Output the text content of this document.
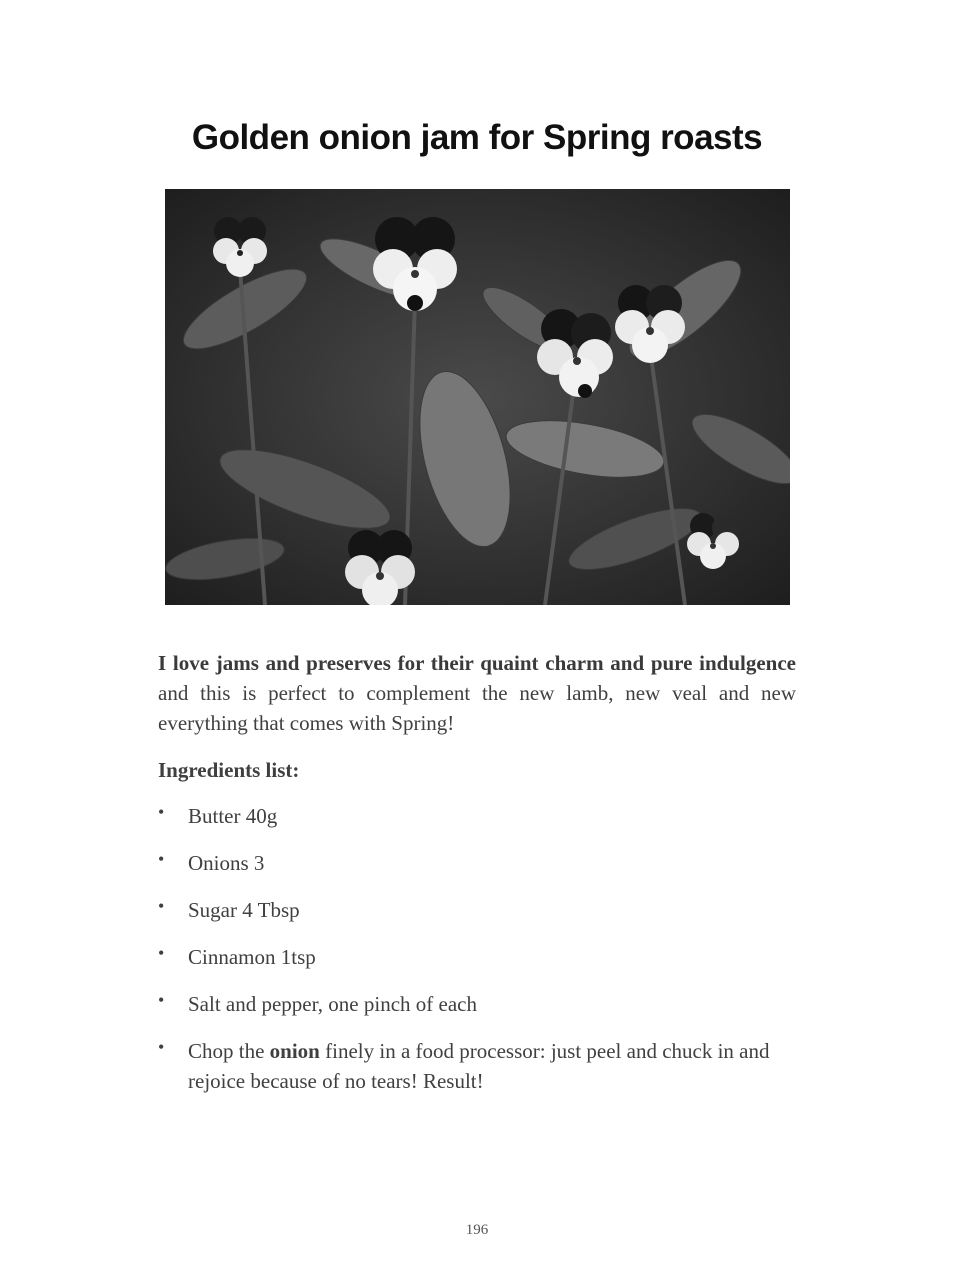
Golden onion jam for Spring roasts

I love jams and preserves for their quaint charm and pure indulgence and this is perfect to complement the new lamb, new veal and new everything that comes with Spring!

Ingredients list:

• Butter 40g
• Onions 3
• Sugar 4 Tbsp
• Cinnamon 1tsp
• Salt and pepper, one pinch of each
• Chop the onion finely in a food processor: just peel and chuck in and rejoice because of no tears! Result!
196
